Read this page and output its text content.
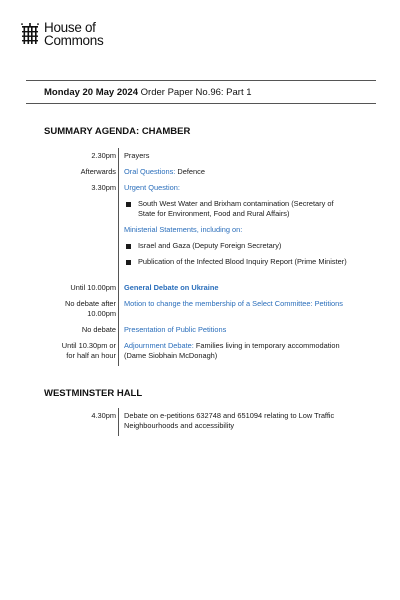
House of
Commons
Monday 20 May 2024 Order Paper No.96: Part 1
SUMMARY AGENDA: CHAMBER
2.30pm Prayers
Afterwards Oral Questions: Defence
3.30pm Urgent Question:
South West Water and Brixham contamination (Secretary of State for Environment, Food and Rural Affairs)
Ministerial Statements, including on:
Israel and Gaza (Deputy Foreign Secretary)
Publication of the Infected Blood Inquiry Report (Prime Minister)
Until 10.00pm General Debate on Ukraine
No debate after
10.00pm
Motion to change the membership of a Select Committee: Petitions
No debate Presentation of Public Petitions
Until 10.30pm or
for half an hour
Adjournment Debate: Families living in temporary accommodation (Dame Siobhain McDonagh)
WESTMINSTER HALL
4.30pm Debate on e-petitions 632748 and 651094 relating to Low Traffic Neighbourhoods and accessibility
